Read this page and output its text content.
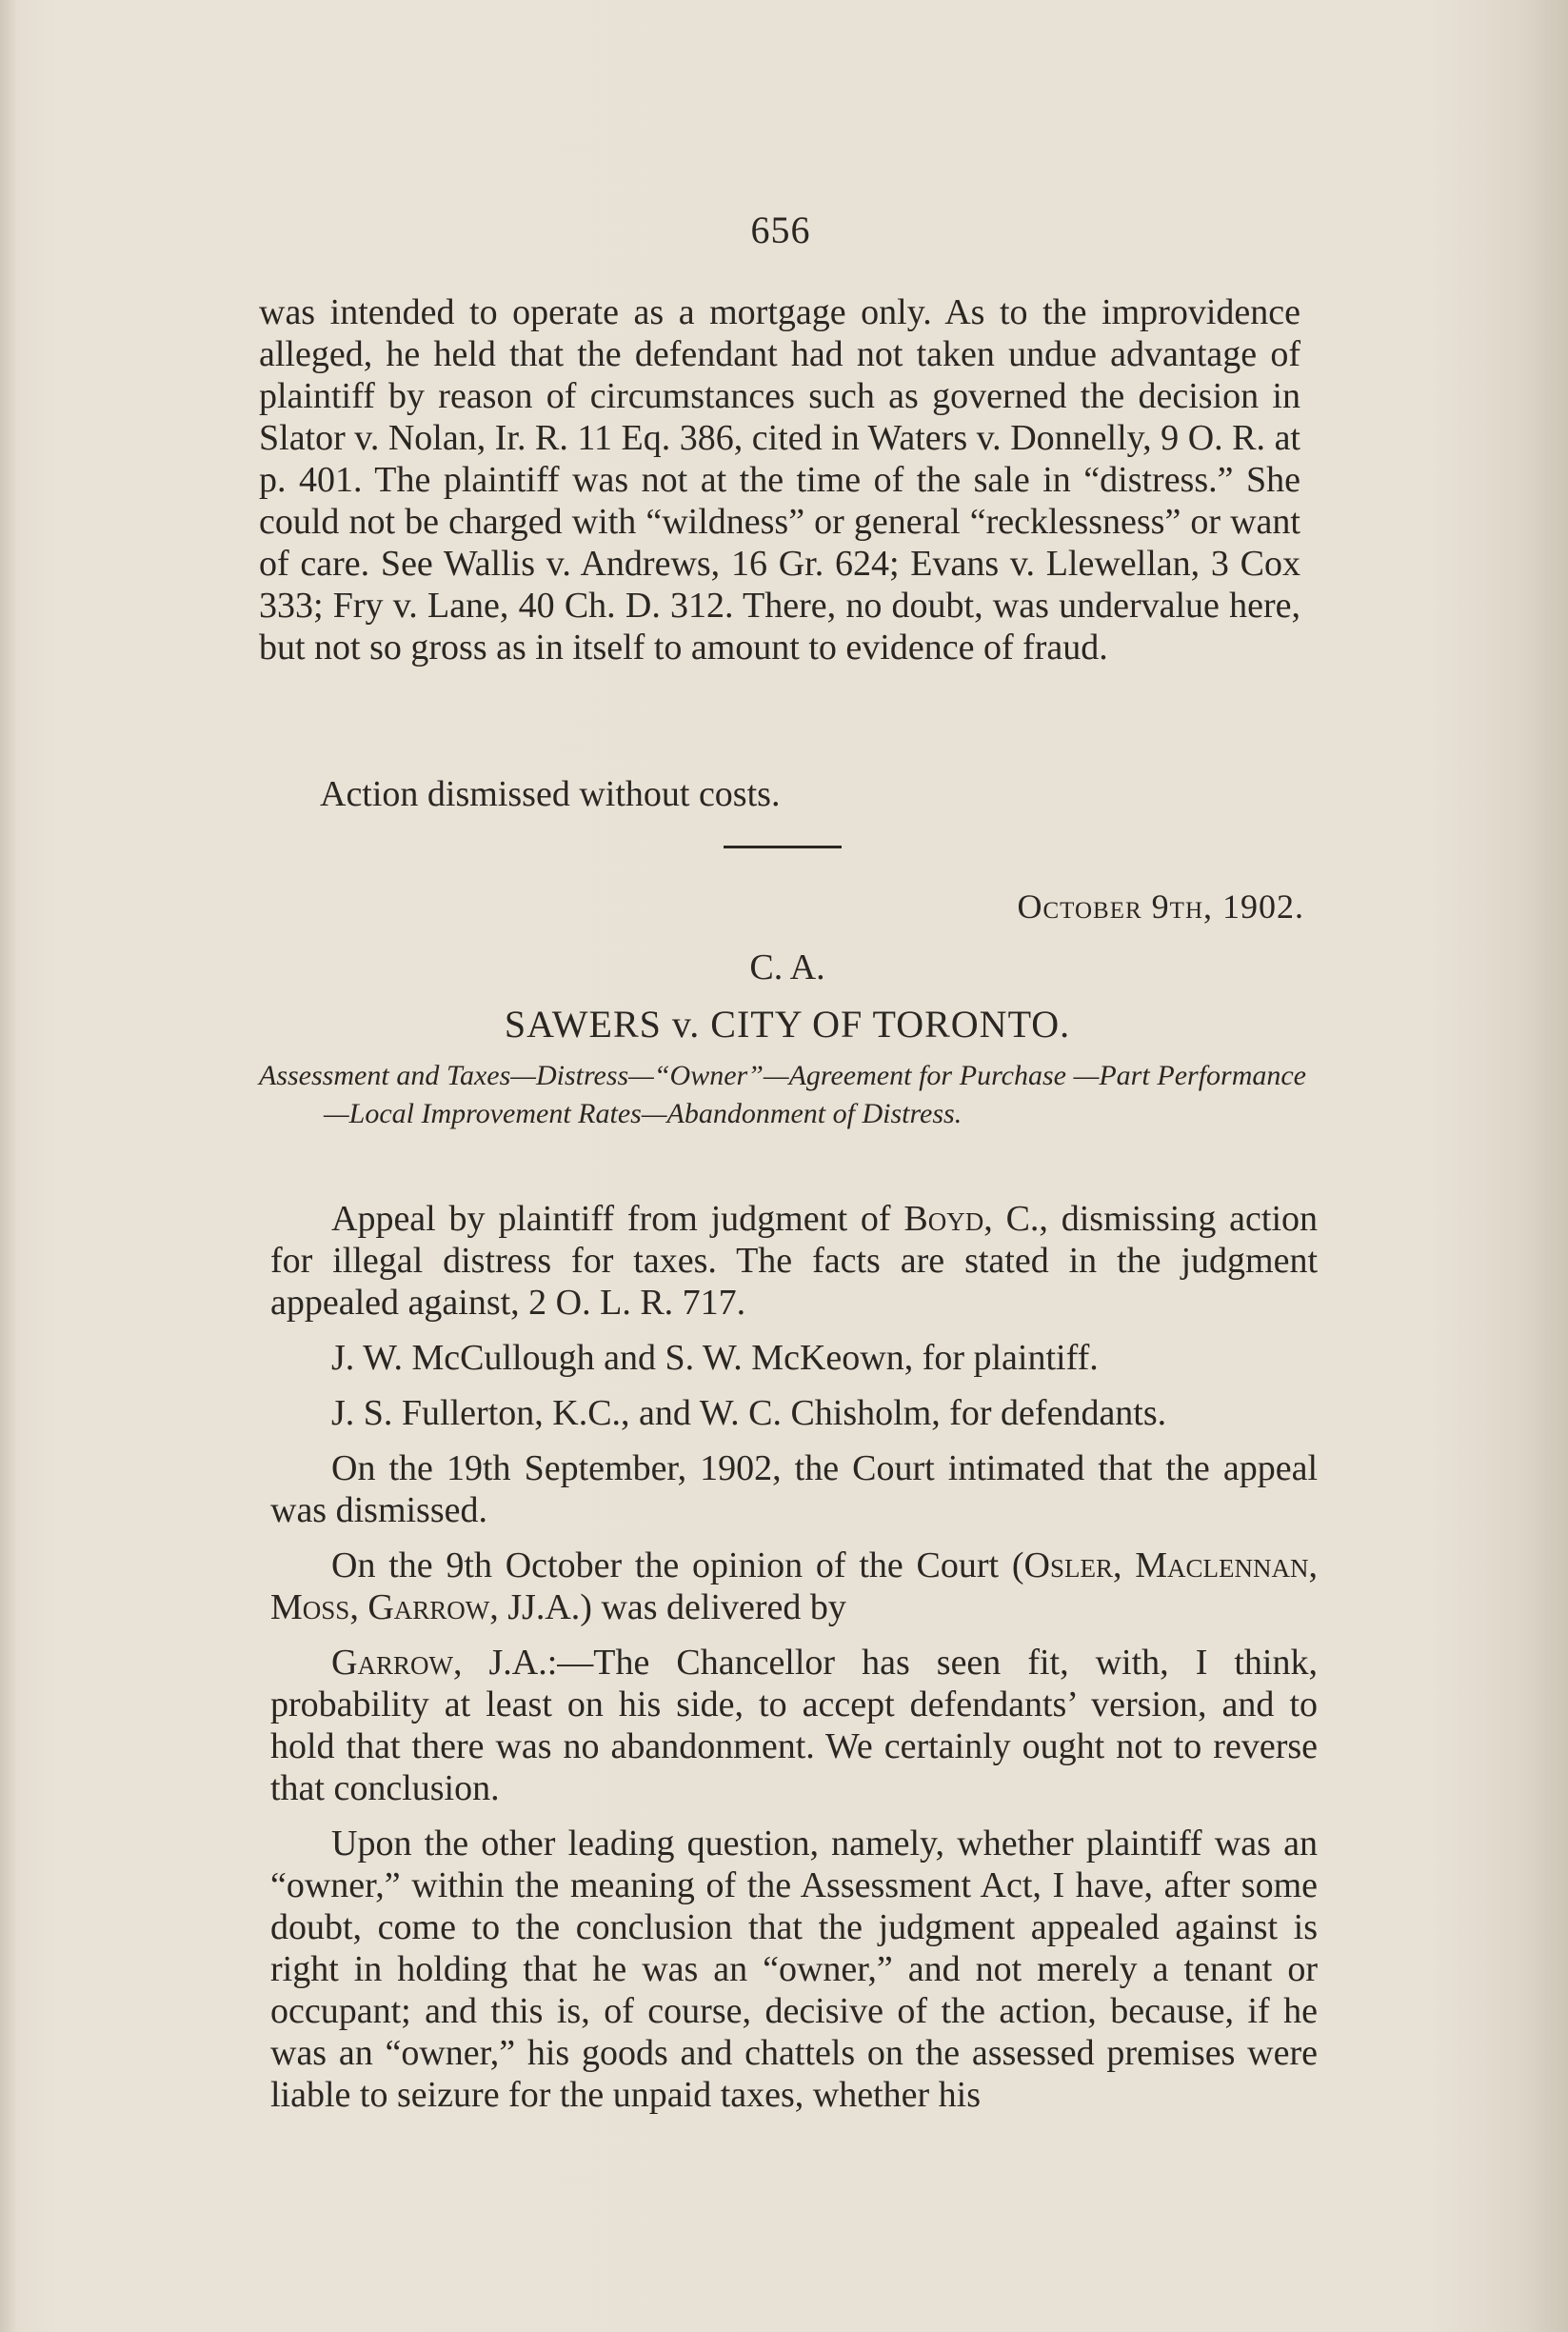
656

was intended to operate as a mortgage only. As to the improvidence alleged, he held that the defendant had not taken undue advantage of plaintiff by reason of circumstances such as governed the decision in Slator v. Nolan, Ir. R. 11 Eq. 386, cited in Waters v. Donnelly, 9 O. R. at p. 401. The plaintiff was not at the time of the sale in “distress.” She could not be charged with “wildness” or general “recklessness” or want of care. See Wallis v. Andrews, 16 Gr. 624; Evans v. Llewellan, 3 Cox 333; Fry v. Lane, 40 Ch. D. 312. There, no doubt, was undervalue here, but not so gross as in itself to amount to evidence of fraud.

Action dismissed without costs.

October 9th, 1902.
C. A.
SAWERS v. CITY OF TORONTO.

Assessment and Taxes—Distress—“Owner”—Agreement for Purchase —Part Performance—Local Improvement Rates—Abandonment of Distress.

Appeal by plaintiff from judgment of Boyd, C., dismissing action for illegal distress for taxes. The facts are stated in the judgment appealed against, 2 O. L. R. 717.

J. W. McCullough and S. W. McKeown, for plaintiff.

J. S. Fullerton, K.C., and W. C. Chisholm, for defendants.

On the 19th September, 1902, the Court intimated that the appeal was dismissed.

On the 9th October the opinion of the Court (Osler, Maclennan, Moss, Garrow, JJ.A.) was delivered by

Garrow, J.A.:—The Chancellor has seen fit, with, I think, probability at least on his side, to accept defendants’ version, and to hold that there was no abandonment. We certainly ought not to reverse that conclusion.

Upon the other leading question, namely, whether plaintiff was an “owner,” within the meaning of the Assessment Act, I have, after some doubt, come to the conclusion that the judgment appealed against is right in holding that he was an “owner,” and not merely a tenant or occupant; and this is, of course, decisive of the action, because, if he was an “owner,” his goods and chattels on the assessed premises were liable to seizure for the unpaid taxes, whether his
